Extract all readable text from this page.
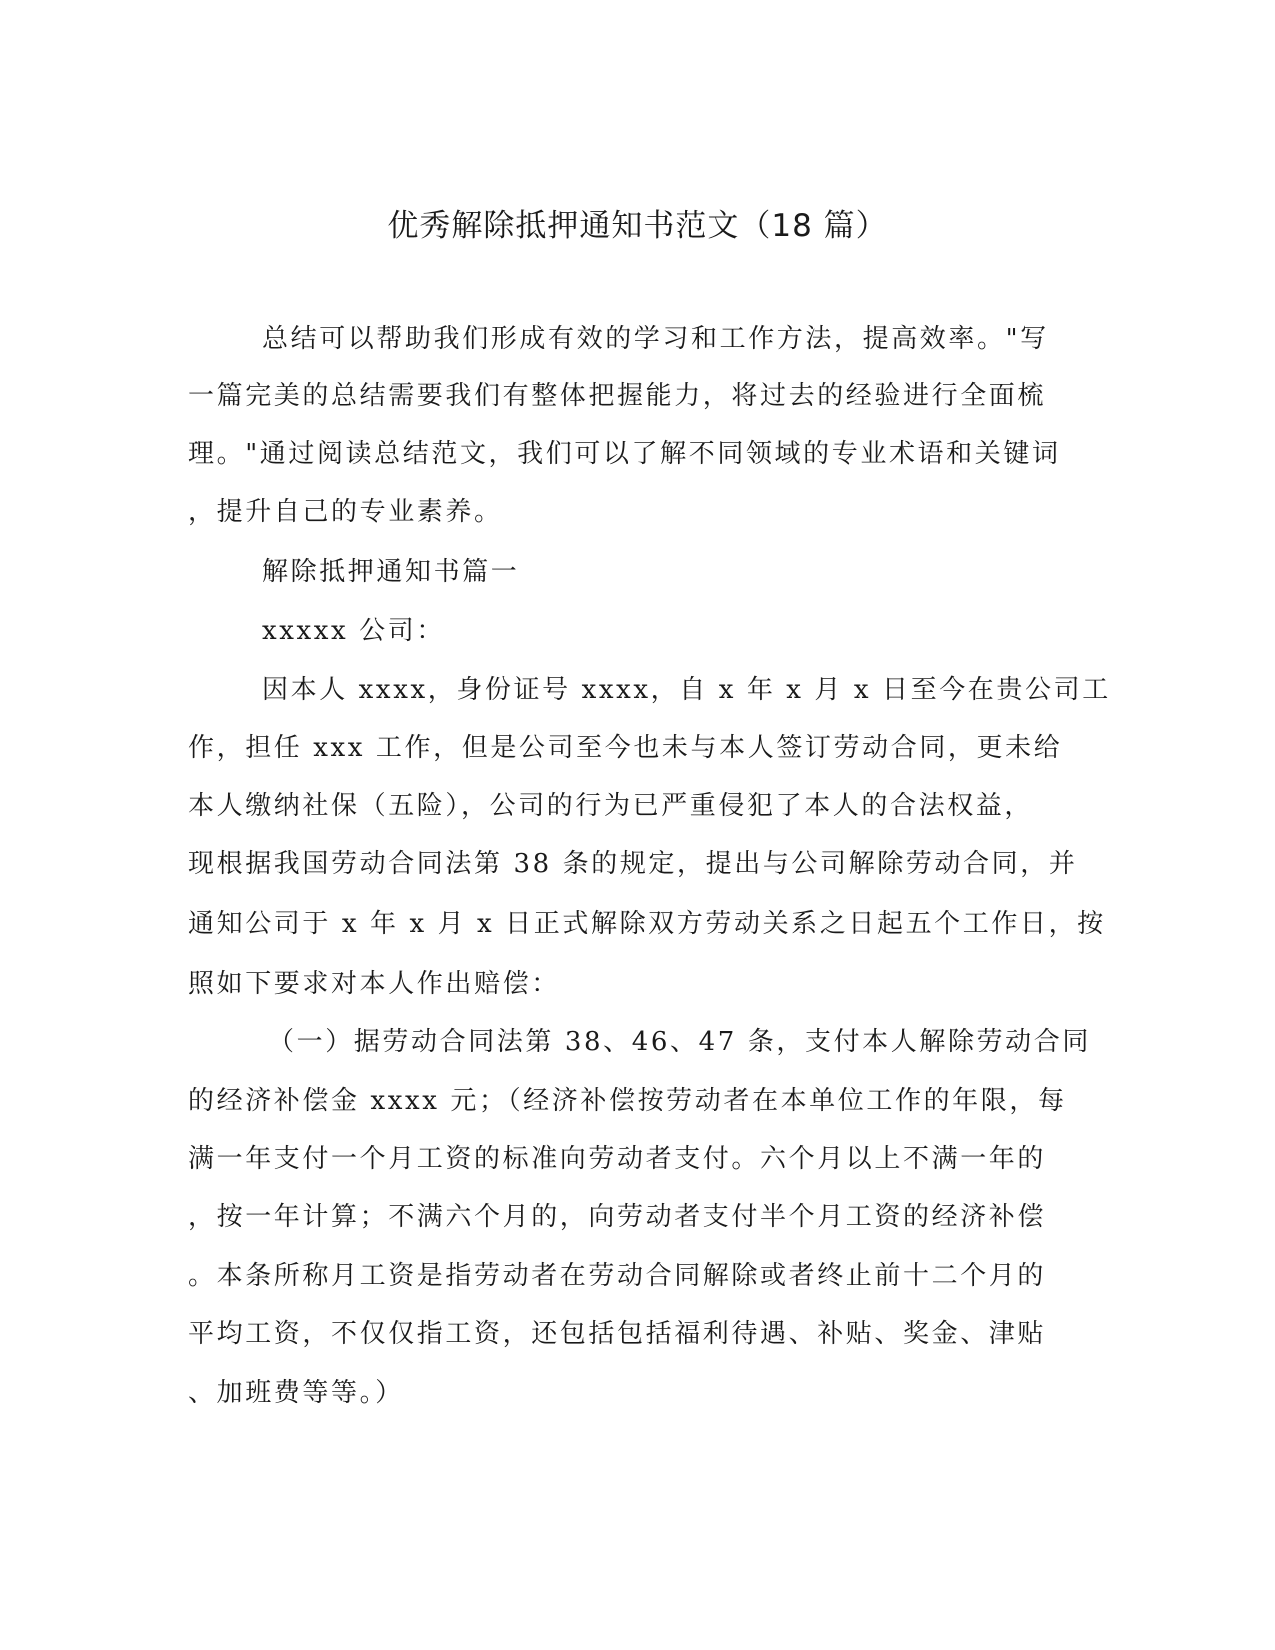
优秀解除抵押通知书范文（18 篇）
总结可以帮助我们形成有效的学习和工作方法，提高效率。"写
一篇完美的总结需要我们有整体把握能力，将过去的经验进行全面梳
理。"通过阅读总结范文，我们可以了解不同领域的专业术语和关键词
，提升自己的专业素养。
解除抵押通知书篇一
xxxxx 公司：
因本人 xxxx，身份证号 xxxx，自 x 年 x 月 x 日至今在贵公司工
作，担任 xxx 工作，但是公司至今也未与本人签订劳动合同，更未给
本人缴纳社保（五险），公司的行为已严重侵犯了本人的合法权益，
现根据我国劳动合同法第 38 条的规定，提出与公司解除劳动合同，并
通知公司于 x 年 x 月 x 日正式解除双方劳动关系之日起五个工作日，按
照如下要求对本人作出赔偿：
（一）据劳动合同法第 38、46、47 条，支付本人解除劳动合同
的经济补偿金 xxxx 元；（经济补偿按劳动者在本单位工作的年限，每
满一年支付一个月工资的标准向劳动者支付。六个月以上不满一年的
，按一年计算；不满六个月的，向劳动者支付半个月工资的经济补偿
。本条所称月工资是指劳动者在劳动合同解除或者终止前十二个月的
平均工资，不仅仅指工资，还包括包括福利待遇、补贴、奖金、津贴
、加班费等等。）
